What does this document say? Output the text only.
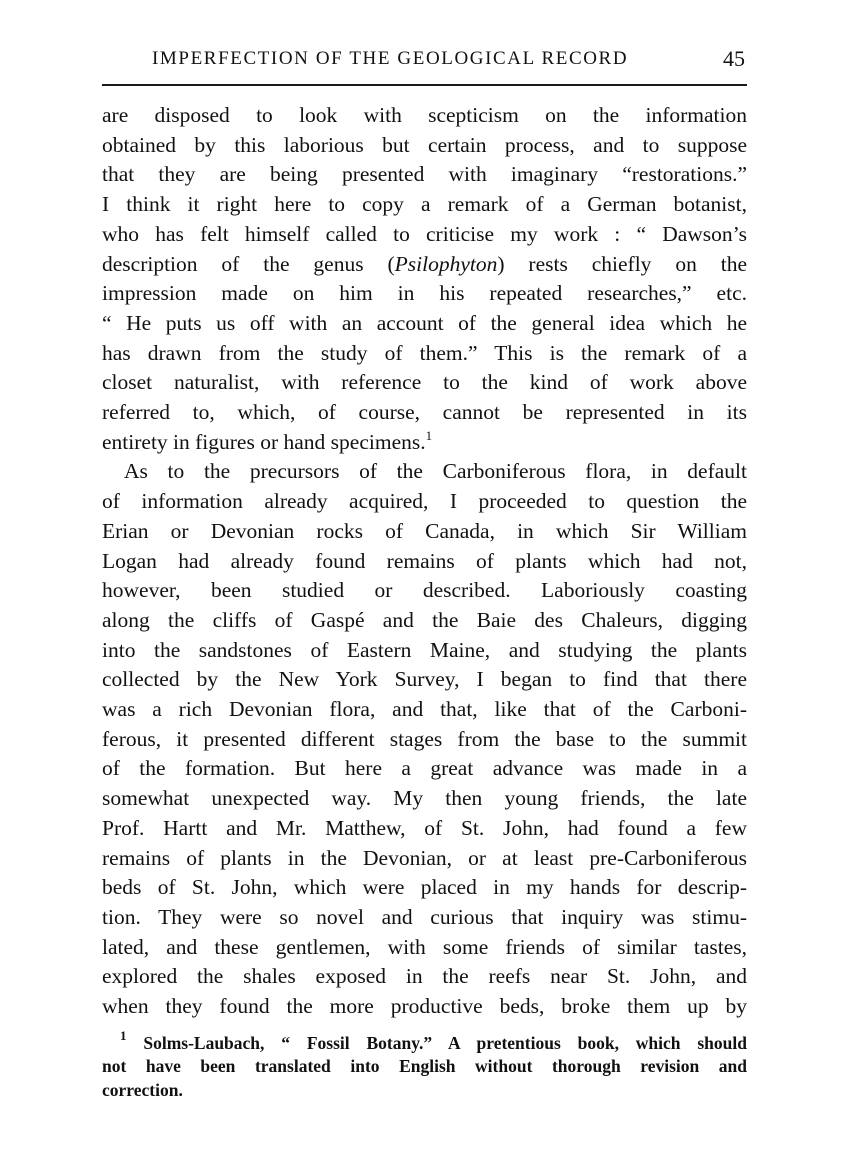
IMPERFECTION OF THE GEOLOGICAL RECORD	45

are disposed to look with scepticism on the information
obtained by this laborious but certain process, and to suppose
that they are being presented with imaginary “restorations.”
I think it right here to copy a remark of a German botanist,
who has felt himself called to criticise my work : “ Dawson’s
description of the genus (Psilophyton) rests chiefly on the
impression made on him in his repeated researches,” etc.
“ He puts us off with an account of the general idea which he
has drawn from the study of them.” This is the remark of a
closet naturalist, with reference to the kind of work above
referred to, which, of course, cannot be represented in its
entirety in figures or hand specimens.$^1$

As to the precursors of the Carboniferous flora, in default
of information already acquired, I proceeded to question the
Erian or Devonian rocks of Canada, in which Sir William
Logan had already found remains of plants which had not,
however, been studied or described. Laboriously coasting
along the cliffs of Gaspé and the Baie des Chaleurs, digging
into the sandstones of Eastern Maine, and studying the plants
collected by the New York Survey, I began to find that there
was a rich Devonian flora, and that, like that of the Carboni-
ferous, it presented different stages from the base to the summit
of the formation. But here a great advance was made in a
somewhat unexpected way. My then young friends, the late
Prof. Hartt and Mr. Matthew, of St. John, had found a few
remains of plants in the Devonian, or at least pre-Carboniferous
beds of St. John, which were placed in my hands for descrip-
tion. They were so novel and curious that inquiry was stimu-
lated, and these gentlemen, with some friends of similar tastes,
explored the shales exposed in the reefs near St. John, and
when they found the more productive beds, broke them up by

$^1$ Solms-Laubach, “ Fossil Botany.” A pretentious book, which should
not have been translated into English without thorough revision and
correction.
